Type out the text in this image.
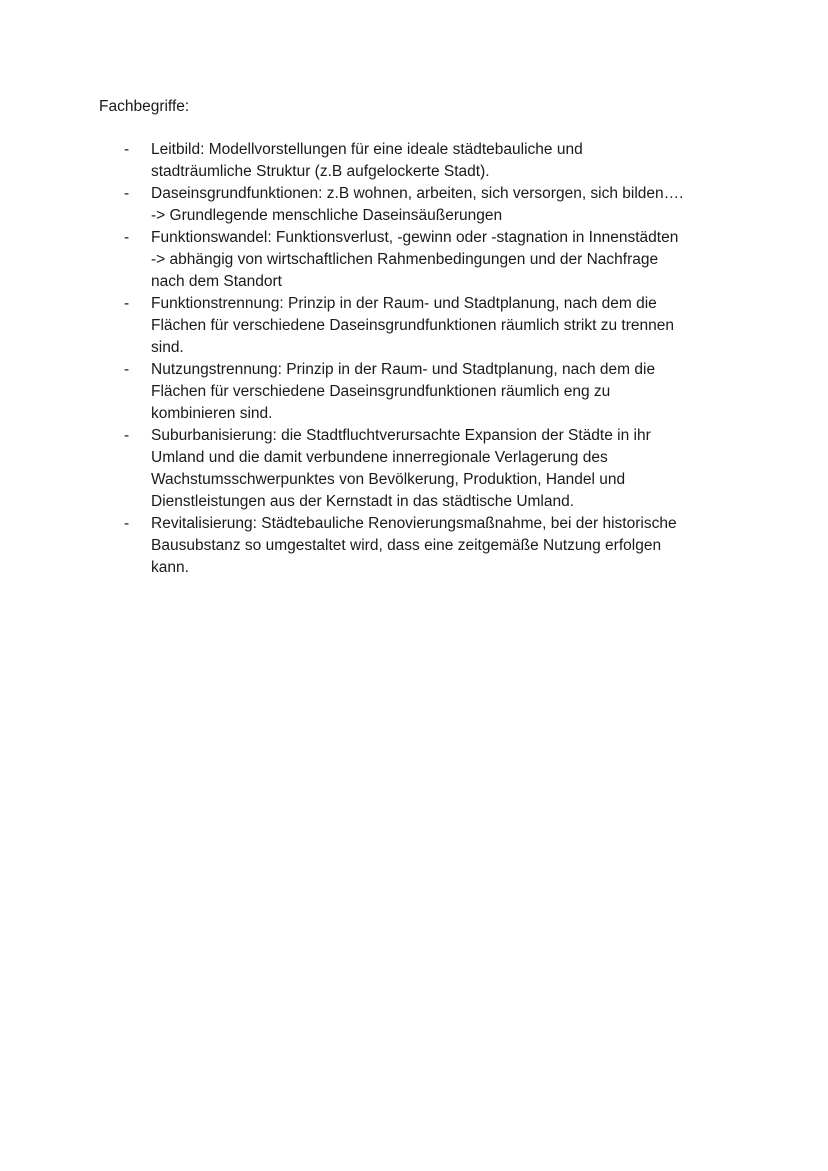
Fachbegriffe:
- Leitbild: Modellvorstellungen für eine ideale städtebauliche und
stadträumliche Struktur (z.B aufgelockerte Stadt).
- Daseinsgrundfunktionen: z.B wohnen, arbeiten, sich versorgen, sich bilden….
-> Grundlegende menschliche Daseinsäußerungen
- Funktionswandel: Funktionsverlust, -gewinn oder -stagnation in Innenstädten
-> abhängig von wirtschaftlichen Rahmenbedingungen und der Nachfrage
nach dem Standort
- Funktionstrennung: Prinzip in der Raum- und Stadtplanung, nach dem die
Flächen für verschiedene Daseinsgrundfunktionen räumlich strikt zu trennen
sind.
- Nutzungstrennung: Prinzip in der Raum- und Stadtplanung, nach dem die
Flächen für verschiedene Daseinsgrundfunktionen räumlich eng zu
kombinieren sind.
- Suburbanisierung: die Stadtfluchtverursachte Expansion der Städte in ihr
Umland und die damit verbundene innerregionale Verlagerung des
Wachstumsschwerpunktes von Bevölkerung, Produktion, Handel und
Dienstleistungen aus der Kernstadt in das städtische Umland.
- Revitalisierung: Städtebauliche Renovierungsmaßnahme, bei der historische
Bausubstanz so umgestaltet wird, dass eine zeitgemäße Nutzung erfolgen
kann.
